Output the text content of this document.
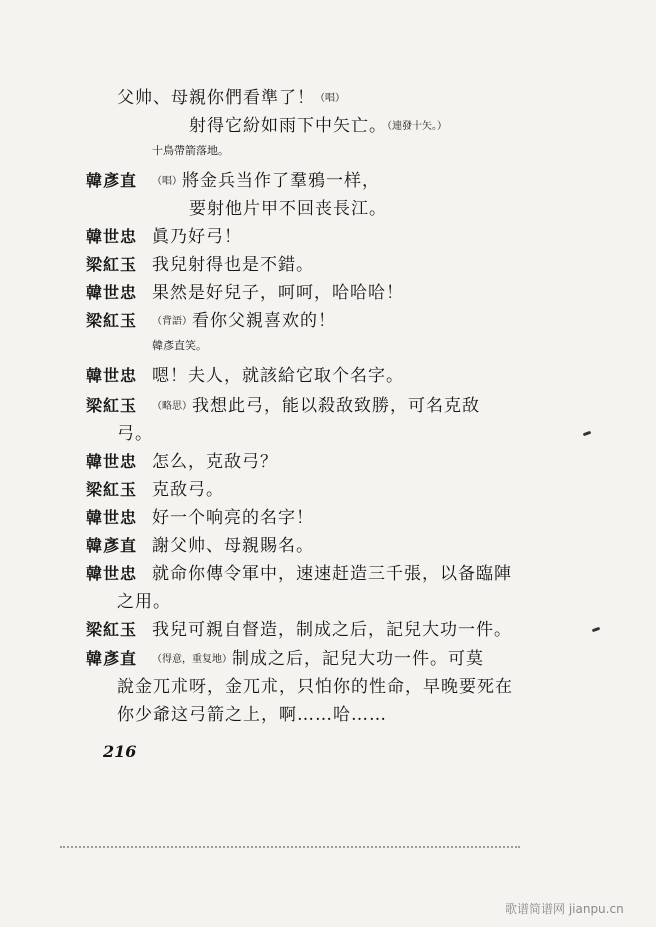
父帅、母親你們看準了！（唱）
射得它紛如雨下中矢亡。（連發十矢。）
十鳥帶箭落地。
韓彥直 （唱）將金兵当作了羣鴉一样，
要射他片甲不回丧長江。
韓世忠 眞乃好弓！
梁紅玉 我兒射得也是不錯。
韓世忠 果然是好兒子，呵呵，哈哈哈！
梁紅玉 （背語）看你父親喜欢的！
韓彥直笑。
韓世忠 嗯！夫人，就該給它取个名字。
梁紅玉 （略思）我想此弓，能以殺敌致勝，可名克敌
弓。
韓世忠 怎么，克敌弓？
梁紅玉 克敌弓。
韓世忠 好一个响亮的名字！
韓彥直 謝父帅、母親賜名。
韓世忠 就命你傳令軍中，速速赶造三千張，以备臨陣
之用。
梁紅玉 我兒可親自督造，制成之后，記兒大功一件。
韓彥直 （得意，重复地）制成之后，記兒大功一件。可莫
說金兀朮呀，金兀朮，只怕你的性命，早晚要死在
你少爺这弓箭之上，啊……哈……
216
歌谱简谱网 jianpu.cn
